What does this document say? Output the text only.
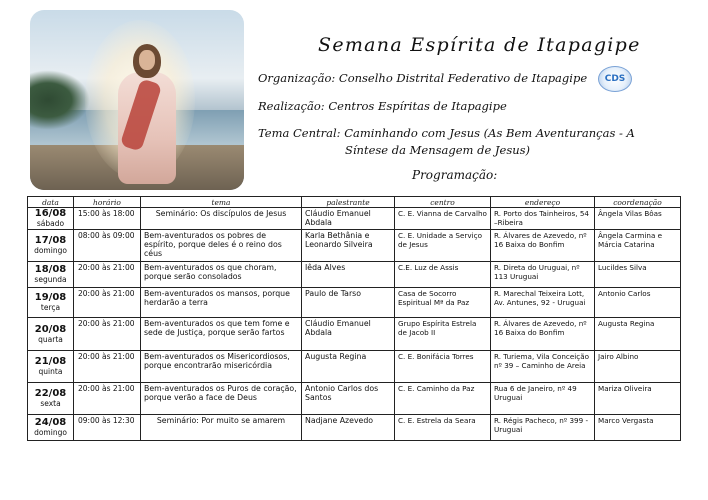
Semana Espírita de Itapagipe
Organização: Conselho Distrital Federativo de Itapagipe CDS
Realização: Centros Espíritas de Itapagipe
Tema Central: Caminhando com Jesus (As Bem Aventuranças - A
Síntese da Mensagem de Jesus)
Programação:
data	horário	tema	palestrante	centro	endereço	coordenação

16/08
sábado	15:00 às 18:00	Seminário: Os discípulos de Jesus	Cláudio Emanuel Abdala	C. E. Vianna de Carvalho	R. Porto dos Tainheiros, 54 –Ribeira	Ângela Vilas Bôas

17/08
domingo	08:00 às 09:00	Bem-aventurados os pobres de espírito, porque deles é o reino dos céus	Karla Bethânia e Leonardo Silveira	C. E. Unidade a Serviço de Jesus	R. Álvares de Azevedo, nº 16 Baixa do Bonfim	Ângela Carmina e Márcia Catarina

18/08
segunda	20:00 às 21:00	Bem-aventurados os que choram, porque serão consolados	Iêda Alves	C.E. Luz de Assis	R. Direta do Uruguai, nº 113 Uruguai	Lucildes Silva

19/08
terça	20:00 às 21:00	Bem-aventurados os mansos, porque herdarão a terra	Paulo de Tarso	Casa de Socorro Espiritual Mª da Paz	R. Marechal Teixeira Lott, Av. Antunes, 92 - Uruguai	Antonio Carlos

20/08
quarta	20:00 às 21:00	Bem-aventurados os que tem fome e sede de Justiça, porque serão fartos	Cláudio Emanuel Abdala	Grupo Espírita Estrela de Jacob II	R. Álvares de Azevedo, nº 16 Baixa do Bonfim	Augusta Regina

21/08
quinta	20:00 às 21:00	Bem-aventurados os Misericordiosos, porque encontrarão misericórdia	Augusta Regina	C. E. Bonifácia Torres	R. Turiema, Vila Conceição nº 39 – Caminho de Areia	Jairo Albino

22/08
sexta	20:00 às 21:00	Bem-aventurados os Puros de coração, porque verão a face de Deus	Antonio Carlos dos Santos	C. E. Caminho da Paz	Rua 6 de Janeiro, nº 49 Uruguai	Mariza Oliveira

24/08
domingo	09:00 às 12:30	Seminário: Por muito se amarem	Nadjane Azevedo	C. E. Estrela da Seara	R. Régis Pacheco, nº 399 - Uruguai	Marco Vergasta
